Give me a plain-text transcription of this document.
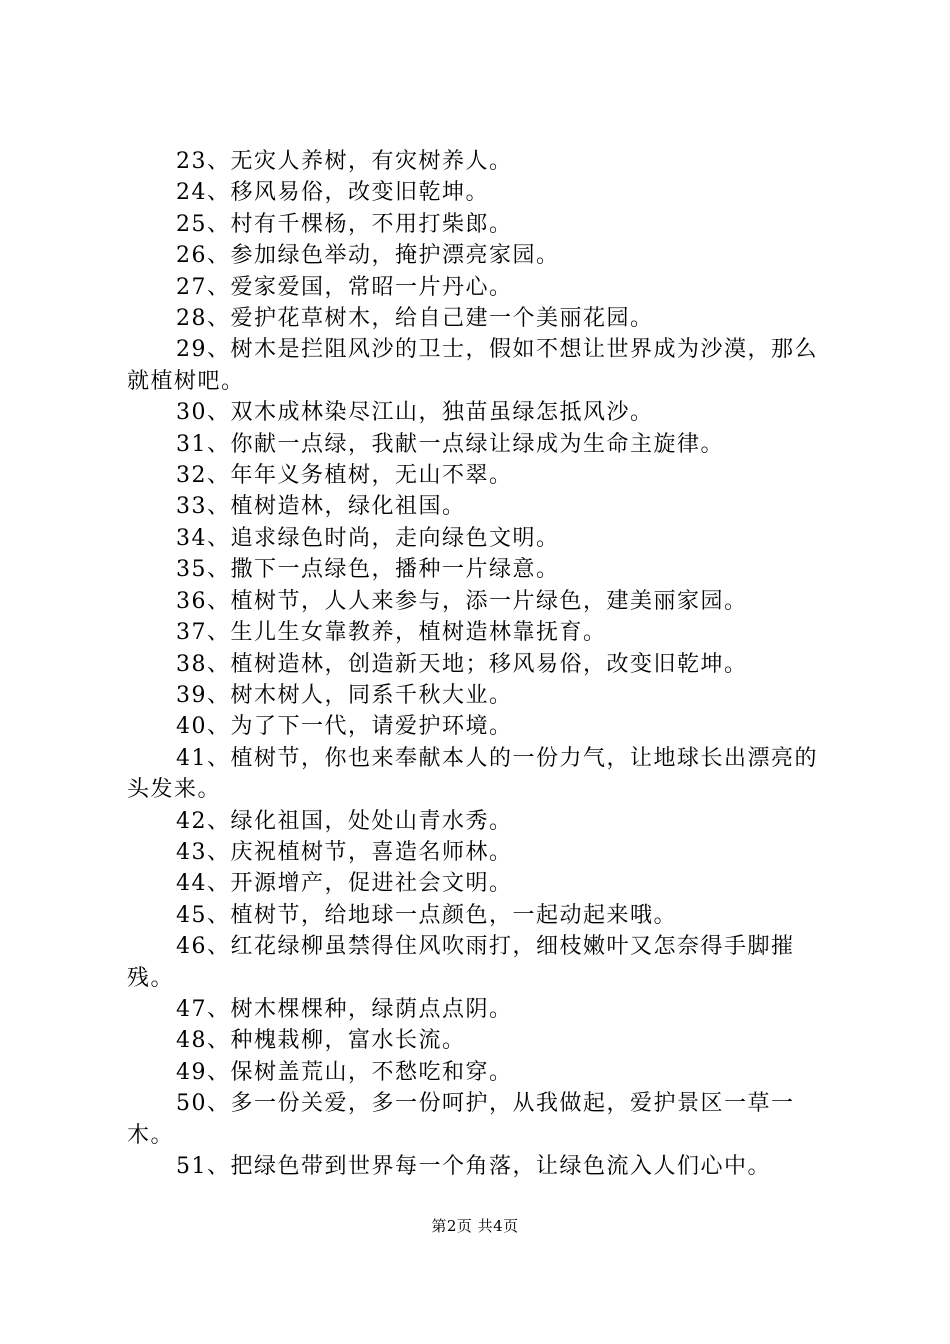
23、无灾人养树，有灾树养人。

24、移风易俗，改变旧乾坤。

25、村有千棵杨，不用打柴郎。

26、参加绿色举动，掩护漂亮家园。

27、爱家爱国，常昭一片丹心。

28、爱护花草树木，给自己建一个美丽花园。

29、树木是拦阻风沙的卫士，假如不想让世界成为沙漠，那么就植树吧。

30、双木成林染尽江山，独苗虽绿怎抵风沙。

31、你献一点绿，我献一点绿让绿成为生命主旋律。

32、年年义务植树，无山不翠。

33、植树造林，绿化祖国。

34、追求绿色时尚，走向绿色文明。

35、撒下一点绿色，播种一片绿意。

36、植树节，人人来参与，添一片绿色，建美丽家园。

37、生儿生女靠教养，植树造林靠抚育。

38、植树造林，创造新天地；移风易俗，改变旧乾坤。

39、树木树人，同系千秋大业。

40、为了下一代，请爱护环境。

41、植树节，你也来奉献本人的一份力气，让地球长出漂亮的头发来。

42、绿化祖国，处处山青水秀。

43、庆祝植树节，喜造名师林。

44、开源增产，促进社会文明。

45、植树节，给地球一点颜色，一起动起来哦。

46、红花绿柳虽禁得住风吹雨打，细枝嫩叶又怎奈得手脚摧残。

47、树木棵棵种，绿荫点点阴。

48、种槐栽柳，富水长流。

49、保树盖荒山，不愁吃和穿。

50、多一份关爱，多一份呵护，从我做起，爱护景区一草一木。

51、把绿色带到世界每一个角落，让绿色流入人们心中。

第2页 共4页
